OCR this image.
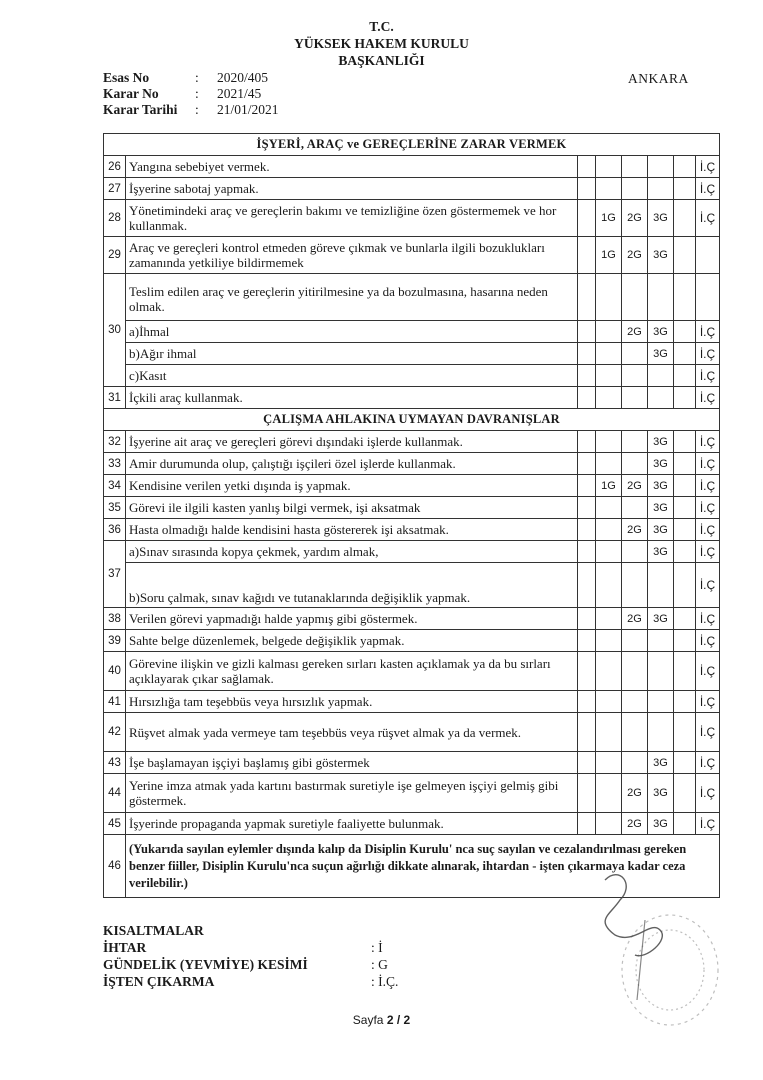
T.C.
YÜKSEK HAKEM KURULU
BAŞKANLIĞI
Esas No	:	2020/405
Karar No	:	2021/45
Karar Tarihi	:	21/01/2021
ANKARA
İŞYERİ, ARAÇ ve GEREÇLERİNE ZARAR VERMEK							
26	Yangına sebebiyet vermek.						İ.Ç
27	İşyerine sabotaj yapmak.						İ.Ç
28	Yönetimindeki araç ve gereçlerin bakımı ve temizliğine özen göstermemek ve hor kullanmak.		1G	2G	3G		İ.Ç
29	Araç ve gereçleri kontrol etmeden göreve çıkmak ve bunlarla ilgili bozuklukları zamanında yetkiliye bildirmemek		1G	2G	3G		
30	Teslim edilen araç ve gereçlerin yitirilmesine ya da bozulmasına, hasarına neden olmak.						
	a)İhmal			2G	3G		İ.Ç
	b)Ağır ihmal				3G		İ.Ç
	c)Kasıt						İ.Ç
31	İçkili araç kullanmak.						İ.Ç
ÇALIŞMA AHLAKINA UYMAYAN DAVRANIŞLAR							
32	İşyerine ait araç ve gereçleri görevi dışındaki işlerde kullanmak.				3G		İ.Ç
33	Amir durumunda olup, çalıştığı işçileri özel işlerde kullanmak.				3G		İ.Ç
34	Kendisine verilen yetki dışında iş yapmak.		1G	2G	3G		İ.Ç
35	Görevi ile ilgili kasten yanlış bilgi vermek, işi aksatmak				3G		İ.Ç
36	Hasta olmadığı halde kendisini hasta göstererek işi aksatmak.			2G	3G		İ.Ç
37	a)Sınav sırasında kopya çekmek, yardım almak,				3G		İ.Ç
	b)Soru çalmak, sınav kağıdı ve tutanaklarında değişiklik yapmak.						İ.Ç
38	Verilen görevi yapmadığı halde yapmış gibi göstermek.			2G	3G		İ.Ç
39	Sahte belge düzenlemek, belgede değişiklik yapmak.						İ.Ç
40	Görevine ilişkin ve gizli kalması gereken sırları kasten açıklamak ya da bu sırları açıklayarak çıkar sağlamak.						İ.Ç
41	Hırsızlığa tam teşebbüs veya hırsızlık yapmak.						İ.Ç
42	Rüşvet almak yada vermeye tam teşebbüs veya rüşvet almak ya da vermek.						İ.Ç
43	İşe başlamayan işçiyi başlamış gibi göstermek				3G		İ.Ç
44	Yerine imza atmak yada kartını bastırmak suretiyle işe gelmeyen işçiyi gelmiş gibi göstermek.			2G	3G		İ.Ç
45	İşyerinde propaganda yapmak suretiyle faaliyette bulunmak.			2G	3G		İ.Ç
46	(Yukarıda sayılan eylemler dışında kalıp da Disiplin Kurulu' nca suç sayılan ve cezalandırılması gereken benzer fiiller, Disiplin Kurulu'nca suçun ağırlığı dikkate alınarak, ihtardan - işten çıkarmaya kadar ceza verilebilir.)						
KISALTMALAR
İHTAR	: İ
GÜNDELİK (YEVMİYE) KESİMİ	: G
İŞTEN ÇIKARMA	: İ.Ç.
Sayfa 2 / 2
